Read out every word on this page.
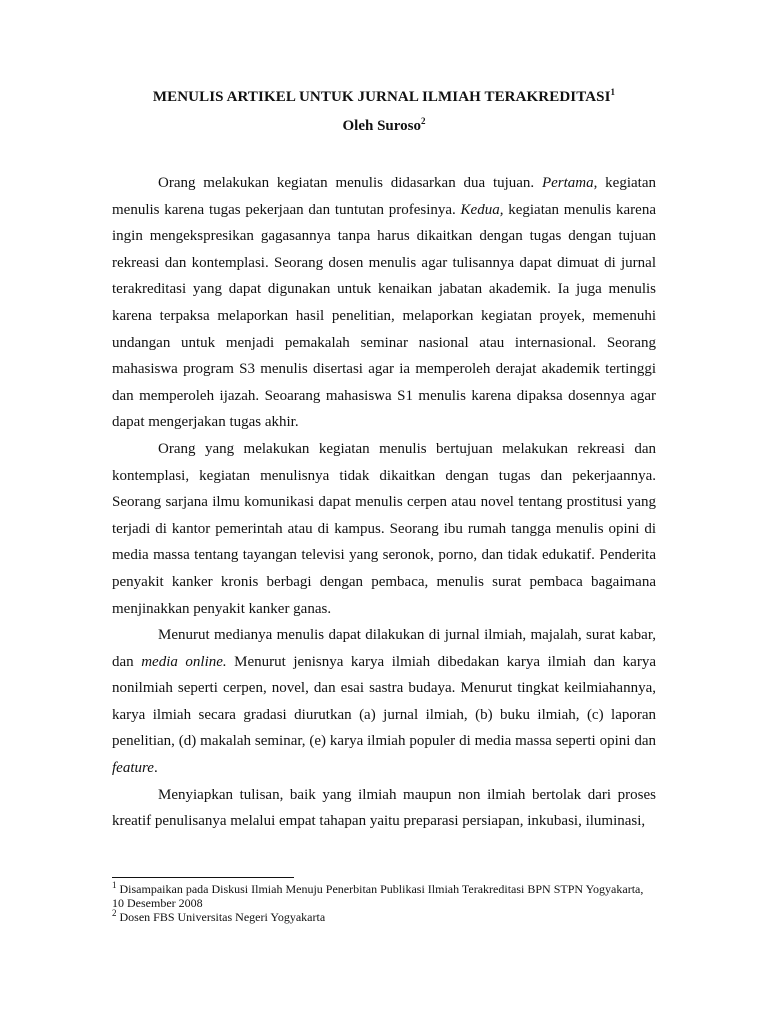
MENULIS ARTIKEL UNTUK JURNAL ILMIAH TERAKREDITASI$^1$
Oleh Suroso$^2$

Orang melakukan kegiatan menulis didasarkan dua tujuan. Pertama, kegiatan menulis karena tugas pekerjaan dan tuntutan profesinya. Kedua, kegiatan menulis karena ingin mengekspresikan gagasannya tanpa harus dikaitkan dengan tugas dengan tujuan rekreasi dan kontemplasi. Seorang dosen menulis agar tulisannya dapat dimuat di jurnal terakreditasi yang dapat digunakan untuk kenaikan jabatan akademik. Ia juga menulis karena terpaksa melaporkan hasil penelitian, melaporkan kegiatan proyek, memenuhi undangan untuk menjadi pemakalah seminar nasional atau internasional. Seorang mahasiswa program S3 menulis disertasi agar ia memperoleh derajat akademik tertinggi dan memperoleh ijazah. Seoarang mahasiswa S1 menulis karena dipaksa dosennya agar dapat mengerjakan tugas akhir.

Orang yang melakukan kegiatan menulis bertujuan melakukan rekreasi dan kontemplasi, kegiatan menulisnya tidak dikaitkan dengan tugas dan pekerjaannya. Seorang sarjana ilmu komunikasi dapat menulis cerpen atau novel tentang prostitusi yang terjadi di kantor pemerintah atau di kampus. Seorang ibu rumah tangga menulis opini di media massa tentang tayangan televisi yang seronok, porno, dan tidak edukatif. Penderita penyakit kanker kronis berbagi dengan pembaca, menulis surat pembaca bagaimana menjinakkan penyakit kanker ganas.

Menurut medianya menulis dapat dilakukan di jurnal ilmiah, majalah, surat kabar, dan media online. Menurut jenisnya karya ilmiah dibedakan karya ilmiah dan karya nonilmiah seperti cerpen, novel, dan esai sastra budaya. Menurut tingkat keilmiahannya, karya ilmiah secara gradasi diurutkan (a) jurnal ilmiah, (b) buku ilmiah, (c) laporan penelitian, (d) makalah seminar, (e) karya ilmiah populer di media massa seperti opini dan feature.

Menyiapkan tulisan, baik yang ilmiah maupun non ilmiah bertolak dari proses kreatif penulisanya melalui empat tahapan yaitu preparasi persiapan, inkubasi, iluminasi,

$^1$ Disampaikan pada Diskusi Ilmiah Menuju Penerbitan Publikasi Ilmiah Terakreditasi BPN STPN Yogyakarta, 10 Desember 2008
$^2$ Dosen FBS Universitas Negeri Yogyakarta
